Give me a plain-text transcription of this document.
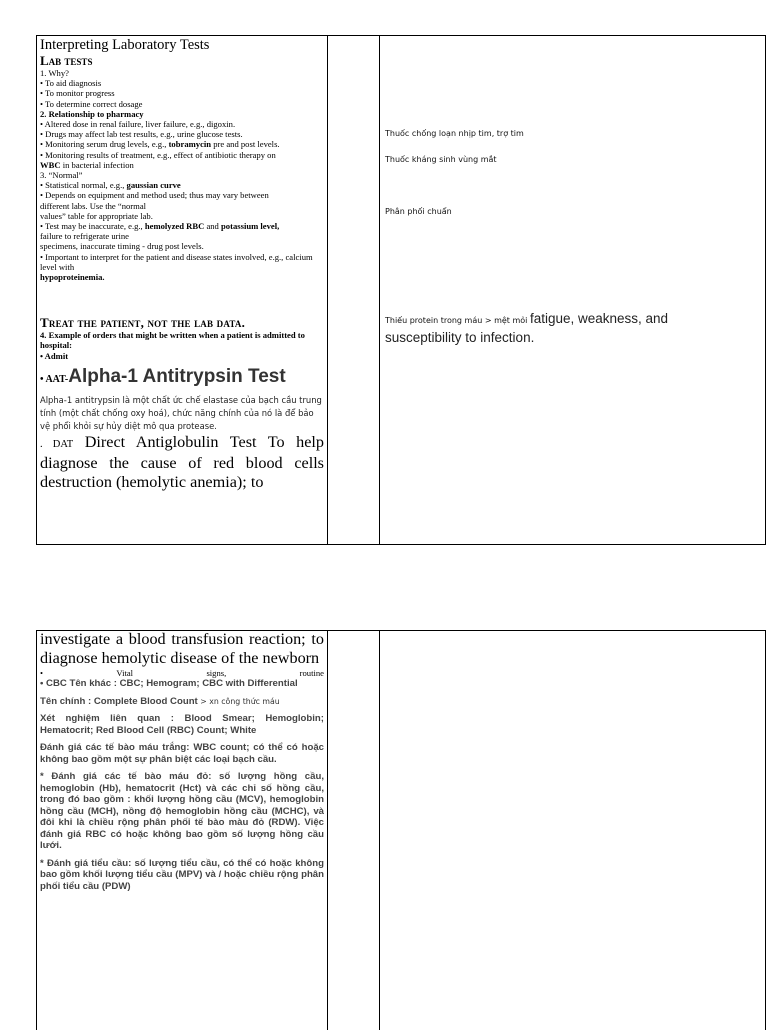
Interpreting Laboratory Tests
Lab tests
1. Why?
• To aid diagnosis
• To monitor progress
• To determine correct dosage
2. Relationship to pharmacy
• Altered dose in renal failure, liver failure, e.g., digoxin.
• Drugs may affect lab test results, e.g., urine glucose tests.
• Monitoring serum drug levels, e.g., tobramycin pre and post levels.
• Monitoring results of treatment, e.g., effect of antibiotic therapy on
WBC in bacterial infection
3. “Normal”
• Statistical normal, e.g., gaussian curve
• Depends on equipment and method used; thus may vary between
different labs. Use the “normal
values” table for appropriate lab.
• Test may be inaccurate, e.g., hemolyzed RBC and potassium level,
failure to refrigerate urine
specimens, inaccurate timing - drug post levels.
• Important to interpret for the patient and disease states involved, e.g., calcium level with
hypoproteinemia.
Treat the patient, not the lab data.
4. Example of orders that might be written when a patient is admitted to hospital:
• Admit
• AAT-Alpha-1 Antitrypsin Test
Alpha-1 antitrypsin là một chất ức chế elastase của bạch cầu trung tính (một chất chống oxy hoá), chức năng chính của nó là để bảo vệ phổi khỏi sự hủy diệt mô qua protease.
. DAT Direct Antiglobulin Test To help diagnose the cause of red blood cells destruction (hemolytic anemia); to
Thuốc chống loạn nhịp tim, trợ tim
Thuốc kháng sinh vùng mắt
Phân phối chuẩn
Thiếu protein trong máu > mệt mỏi fatigue, weakness, and susceptibility to infection.
investigate a blood transfusion reaction; to diagnose hemolytic disease of the newborn
•	Vital	signs,	routine
• CBC Tên khác : CBC; Hemogram; CBC with Differential
Tên chính : Complete Blood Count > xn công thức máu
Xét nghiệm liên quan : Blood Smear; Hemoglobin; Hematocrit; Red Blood Cell (RBC) Count; White
Đánh giá các tế bào máu trắng: WBC count; có thể có hoặc không bao gồm một sự phân biệt các loại bạch cầu.
* Đánh giá các tế bào máu đỏ: số lượng hồng cầu, hemoglobin (Hb), hematocrit (Hct) và các chỉ số hồng cầu, trong đó bao gồm : khối lượng hồng cầu (MCV), hemoglobin hồng cầu (MCH), nồng độ hemoglobin hồng cầu (MCHC), và đôi khi là chiều rộng phân phối tế bào màu đỏ (RDW). Việc đánh giá RBC có hoặc không bao gồm số lượng hồng cầu lưới.
* Đánh giá tiểu cầu: số lượng tiểu cầu, có thể có hoặc không bao gồm khối lượng tiểu cầu (MPV) và / hoặc chiều rộng phân phối tiểu cầu (PDW)
